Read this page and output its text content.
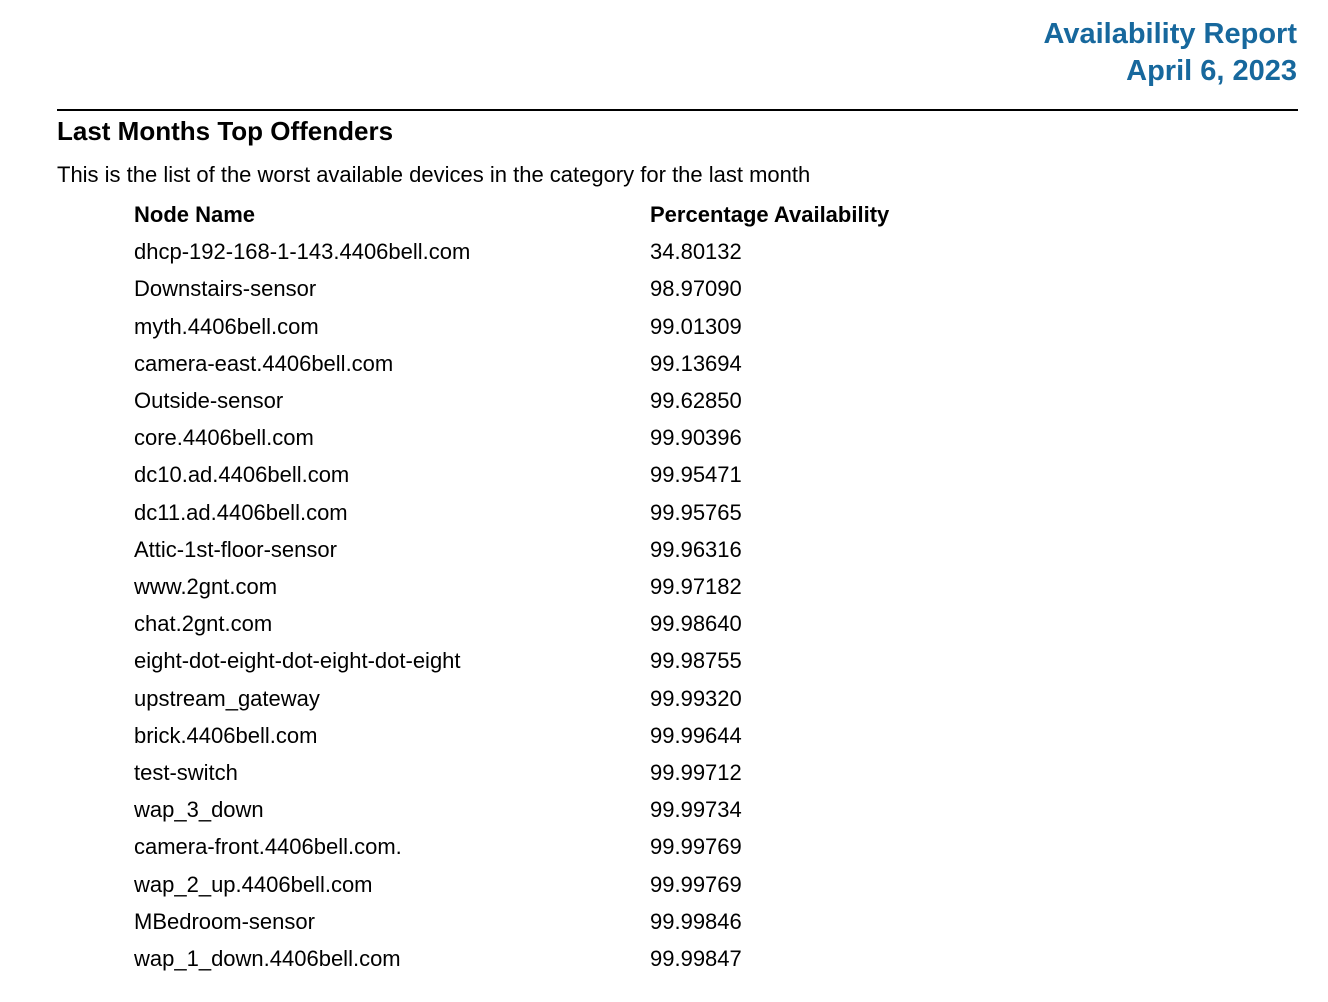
Availability Report
April 6, 2023
Last Months Top Offenders

This is the list of the worst available devices in the category for the last month

Node Name	Percentage Availability
dhcp-192-168-1-143.4406bell.com	34.80132
Downstairs-sensor	98.97090
myth.4406bell.com	99.01309
camera-east.4406bell.com	99.13694
Outside-sensor	99.62850
core.4406bell.com	99.90396
dc10.ad.4406bell.com	99.95471
dc11.ad.4406bell.com	99.95765
Attic-1st-floor-sensor	99.96316
www.2gnt.com	99.97182
chat.2gnt.com	99.98640
eight-dot-eight-dot-eight-dot-eight	99.98755
upstream_gateway	99.99320
brick.4406bell.com	99.99644
test-switch	99.99712
wap_3_down	99.99734
camera-front.4406bell.com.	99.99769
wap_2_up.4406bell.com	99.99769
MBedroom-sensor	99.99846
wap_1_down.4406bell.com	99.99847
